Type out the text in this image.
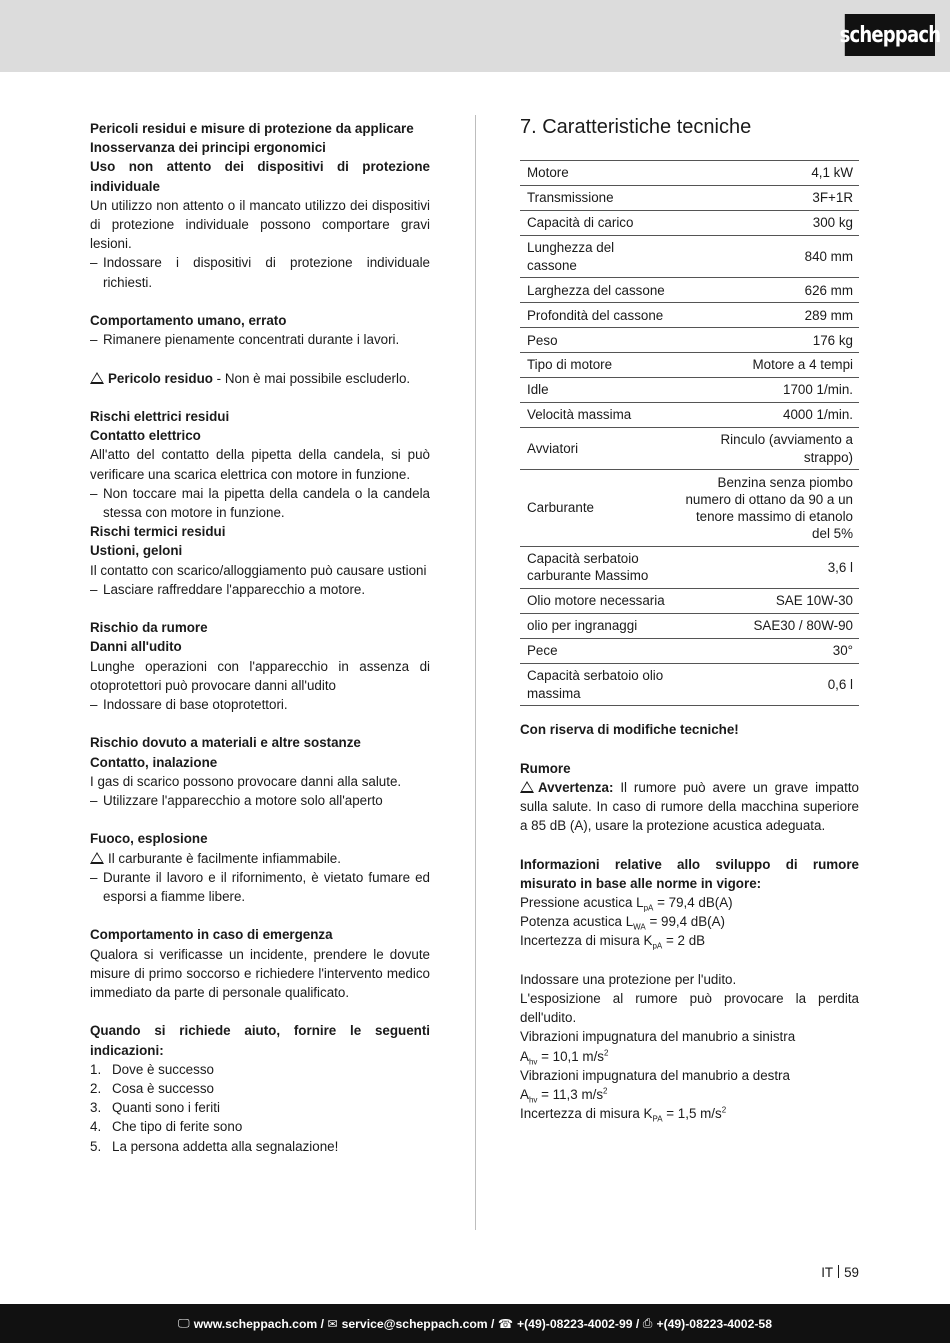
scheppach

Pericoli residui e misure di protezione da applicare

Inosservanza dei principi ergonomici

Uso non attento dei dispositivi di protezione individuale

Un utilizzo non attento o il mancato utilizzo dei dispositivi di protezione individuale possono comportare gravi lesioni.

– Indossare i dispositivi di protezione individuale richiesti.

Comportamento umano, errato

– Rimanere pienamente concentrati durante i lavori.

Pericolo residuo - Non è mai possibile escluderlo.

Rischi elettrici residui

Contatto elettrico

All'atto del contatto della pipetta della candela, si può verificare una scarica elettrica con motore in funzione.

– Non toccare mai la pipetta della candela o la candela stessa con motore in funzione.

Rischi termici residui

Ustioni, geloni

Il contatto con scarico/alloggiamento può causare ustioni

– Lasciare raffreddare l'apparecchio a motore.

Rischio da rumore

Danni all'udito

Lunghe operazioni con l'apparecchio in assenza di otoprotettori può provocare danni all'udito

– Indossare di base otoprotettori.

Rischio dovuto a materiali e altre sostanze

Contatto, inalazione

I gas di scarico possono provocare danni alla salute.

– Utilizzare l'apparecchio a motore solo all'aperto

Fuoco, esplosione

Il carburante è facilmente infiammabile.

– Durante il lavoro e il rifornimento, è vietato fumare ed esporsi a fiamme libere.

Comportamento in caso di emergenza

Qualora si verificasse un incidente, prendere le dovute misure di primo soccorso e richiedere l'intervento medico immediato da parte di personale qualificato.

Quando si richiede aiuto, fornire le seguenti indicazioni:

1. Dove è successo

2. Cosa è successo

3. Quanti sono i feriti

4. Che tipo di ferite sono

5. La persona addetta alla segnalazione!

7. Caratteristiche tecniche
Motore	4,1 kW
Transmissione	3F+1R
Capacità di carico	300 kg
Lunghezza del cassone	840 mm
Larghezza del cassone	626 mm
Profondità del cassone	289 mm
Peso	176 kg
Tipo di motore	Motore a 4 tempi
Idle	1700 1/min.
Velocità massima	4000 1/min.
Avviatori	Rinculo (avviamento a strappo)
Carburante	Benzina senza piombo numero di ottano da 90 a un tenore massimo di etanolo del 5%
Capacità serbatoio carburante Massimo	3,6 l
Olio motore necessaria	SAE 10W-30
olio per ingranaggi	SAE30 / 80W-90
Pece	30°
Capacità serbatoio olio massima	0,6 l

Con riserva di modifiche tecniche!

Rumore

Avvertenza: Il rumore può avere un grave impatto sulla salute. In caso di rumore della macchina superiore a 85 dB (A), usare la protezione acustica adeguata.

Informazioni relative allo sviluppo di rumore misurato in base alle norme in vigore:

Pressione acustica $L_{pA} = 79,4$ dB(A)

Potenza acustica $L_{WA} = 99,4$ dB(A)

Incertezza di misura $K_{pA} = 2$ dB

Indossare una protezione per l'udito.

L'esposizione al rumore può provocare la perdita dell'udito.

Vibrazioni impugnatura del manubrio a sinistra

$A_{hv} = 10,1$ $m/s^2$

Vibrazioni impugnatura del manubrio a destra

$A_{hv} = 11,3$ $m/s^2$

Incertezza di misura $K_{PA} = 1,5$ $m/s^2$

IT 59
🖵︎ www.scheppach.com /
✉︎ service@scheppach.com /
☎︎ +(49)-08223-4002-99 /
⎙ +(49)-08223-4002-58
